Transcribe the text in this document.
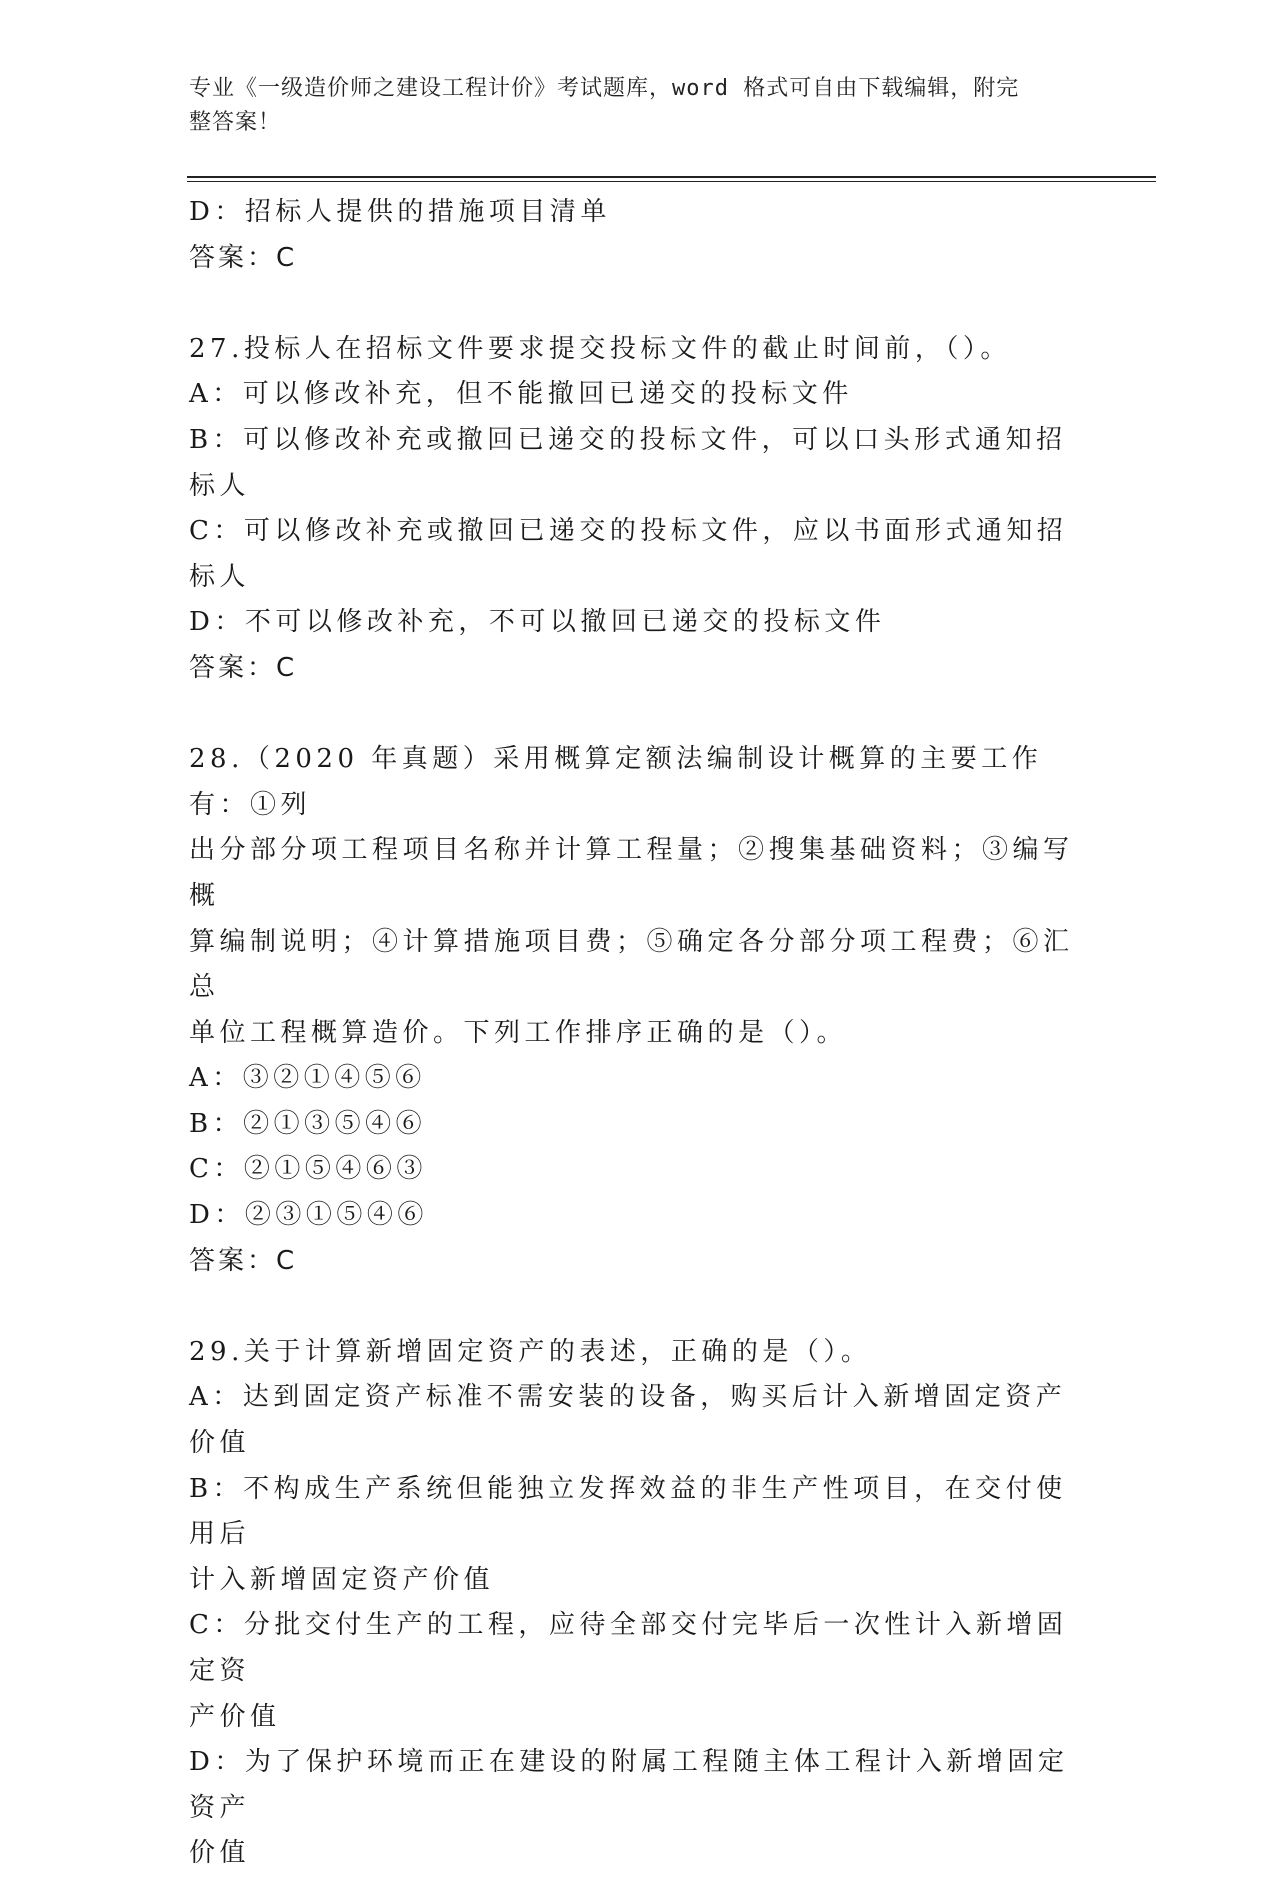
专业《一级造价师之建设工程计价》考试题库，word 格式可自由下载编辑，附完
整答案！

D：招标人提供的措施项目清单

答案：C

27.投标人在招标文件要求提交投标文件的截止时间前，（）。

A：可以修改补充，但不能撤回已递交的投标文件

B：可以修改补充或撤回已递交的投标文件，可以口头形式通知招标人

C：可以修改补充或撤回已递交的投标文件，应以书面形式通知招标人

D：不可以修改补充，不可以撤回已递交的投标文件

答案：C

28.（2020 年真题）采用概算定额法编制设计概算的主要工作有：①列

出分部分项工程项目名称并计算工程量；②搜集基础资料；③编写概

算编制说明；④计算措施项目费；⑤确定各分部分项工程费；⑥汇总

单位工程概算造价。下列工作排序正确的是（）。

A：③②①④⑤⑥

B：②①③⑤④⑥

C：②①⑤④⑥③

D：②③①⑤④⑥

答案：C

29.关于计算新增固定资产的表述，正确的是（）。

A：达到固定资产标准不需安装的设备，购买后计入新增固定资产价值

B：不构成生产系统但能独立发挥效益的非生产性项目，在交付使用后

计入新增固定资产价值

C：分批交付生产的工程，应待全部交付完毕后一次性计入新增固定资

产价值

D：为了保护环境而正在建设的附属工程随主体工程计入新增固定资产

价值
